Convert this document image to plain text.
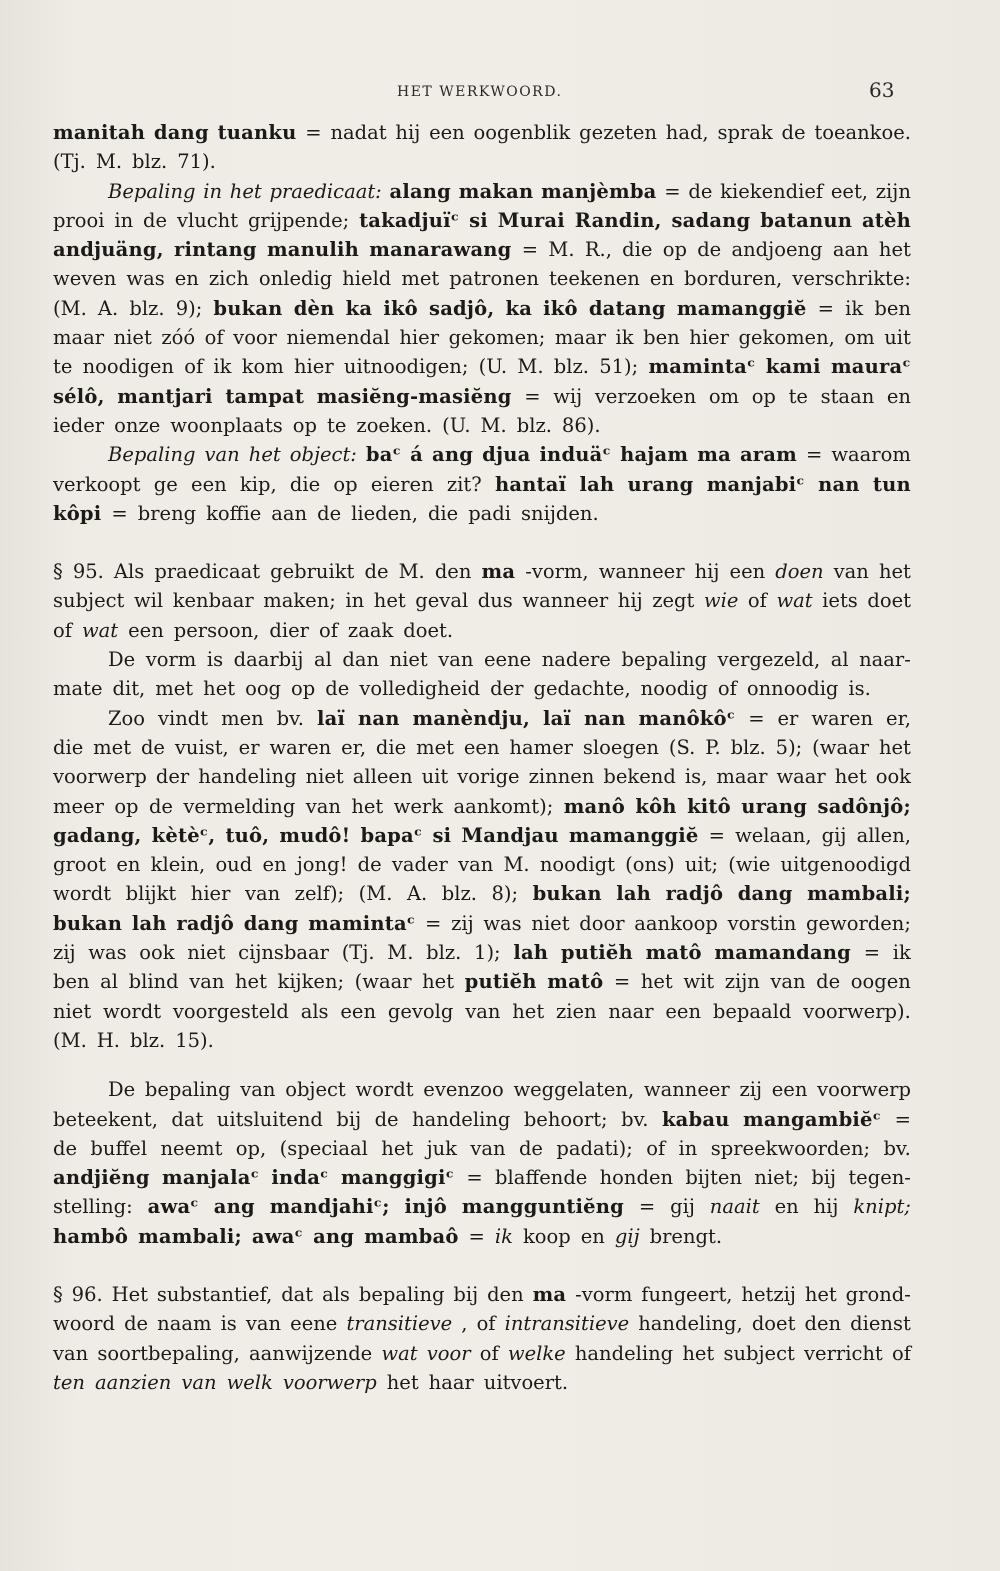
HET WERKWOORD.	63
manitah dang tuanku = nadat hij een oogenblik gezeten had, sprak de toeankoe.
(Tj. M. blz. 71).
Bepaling in het praedicaat: alang makan manjèmba = de kiekendief eet, zijn
prooi in de vlucht grijpende; takadjuïᶜ si Murai Randin, sadang batanun atèh
andjuäng, rintang manulih manarawang = M. R., die op de andjoeng aan het
weven was en zich onledig hield met patronen teekenen en borduren, verschrikte:
(M. A. blz. 9); bukan dèn ka ikô sadjô, ka ikô datang mamanggiĕ = ik ben
maar niet zóó of voor niemendal hier gekomen; maar ik ben hier gekomen, om uit
te noodigen of ik kom hier uitnoodigen; (U. M. blz. 51); mamintaᶜ kami mauraᶜ
sélô, mantjari tampat masiĕng-masiĕng = wij verzoeken om op te staan en
ieder onze woonplaats op te zoeken. (U. M. blz. 86).
Bepaling van het object: baᶜ á ang djua induäᶜ hajam ma aram = waarom
verkoopt ge een kip, die op eieren zit? hantaï lah urang manjabiᶜ nan tun
kôpi = breng koffie aan de lieden, die padi snijden.
§ 95. Als praedicaat gebruikt de M. den ma -vorm, wanneer hij een doen van het
subject wil kenbaar maken; in het geval dus wanneer hij zegt wie of wat iets doet
of wat een persoon, dier of zaak doet.
De vorm is daarbij al dan niet van eene nadere bepaling vergezeld, al naar-
mate dit, met het oog op de volledigheid der gedachte, noodig of onnoodig is.
Zoo vindt men bv. laï nan manèndju, laï nan manôkôᶜ = er waren er,
die met de vuist, er waren er, die met een hamer sloegen (S. P. blz. 5); (waar het
voorwerp der handeling niet alleen uit vorige zinnen bekend is, maar waar het ook
meer op de vermelding van het werk aankomt); manô kôh kitô urang sadônjô;
gadang, kètèᶜ, tuô, mudô! bapaᶜ si Mandjau mamanggiĕ = welaan, gij allen,
groot en klein, oud en jong! de vader van M. noodigt (ons) uit; (wie uitgenoodigd
wordt blijkt hier van zelf); (M. A. blz. 8); bukan lah radjô dang mambali;
bukan lah radjô dang mamintaᶜ = zij was niet door aankoop vorstin geworden;
zij was ook niet cijnsbaar (Tj. M. blz. 1); lah putiĕh matô mamandang = ik
ben al blind van het kijken; (waar het putiĕh matô = het wit zijn van de oogen
niet wordt voorgesteld als een gevolg van het zien naar een bepaald voorwerp).
(M. H. blz. 15).
De bepaling van object wordt evenzoo weggelaten, wanneer zij een voorwerp
beteekent, dat uitsluitend bij de handeling behoort; bv. kabau mangambiĕᶜ =
de buffel neemt op, (speciaal het juk van de padati); of in spreekwoorden; bv.
andjiĕng manjalaᶜ indaᶜ manggigiᶜ = blaffende honden bijten niet; bij tegen-
stelling: awaᶜ ang mandjahiᶜ; injô mangguntiĕng = gij naait en hij knipt;
hambô mambali; awaᶜ ang mambaô = ik koop en gij brengt.
§ 96. Het substantief, dat als bepaling bij den ma -vorm fungeert, hetzij het grond-
woord de naam is van eene transitieve , of intransitieve handeling, doet den dienst
van soortbepaling, aanwijzende wat voor of welke handeling het subject verricht of
ten aanzien van welk voorwerp het haar uitvoert.
